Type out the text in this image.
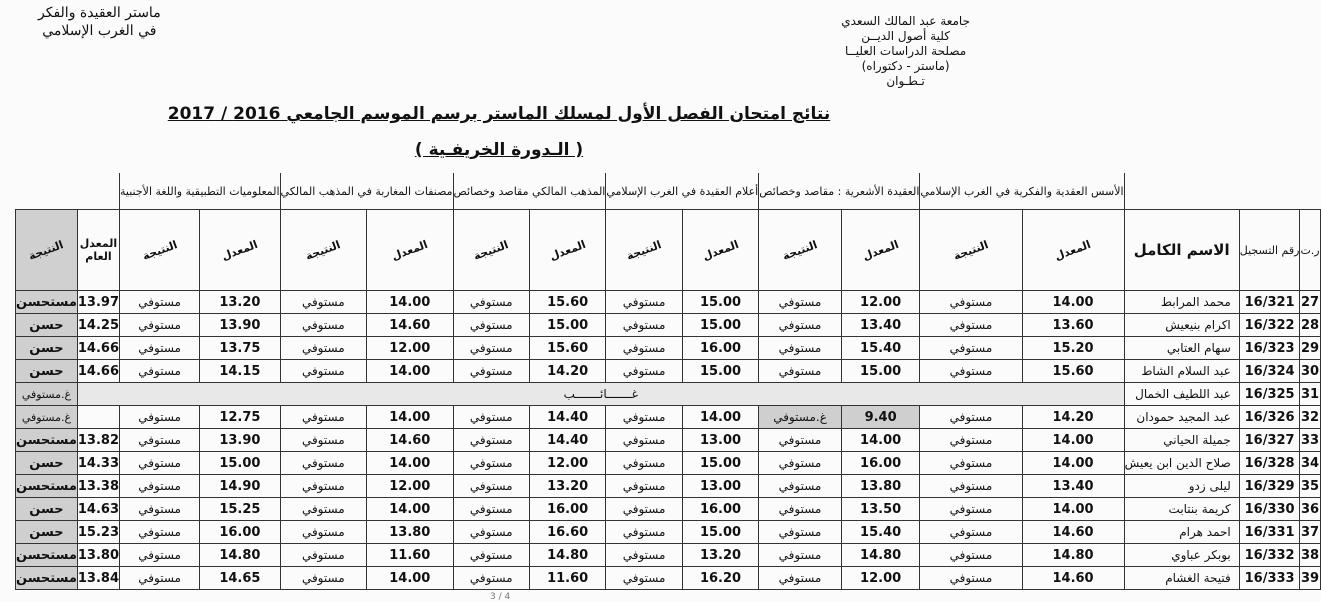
جامعة عبد المالك السعدي
كلية أصول الديــن
مصلحة الدراسات العليــا
(ماستر - دكتوراه)
تـطـوان
ماستر العقيدة والفكر
في الغرب الإسلامي
نتائج امتحان الفصل الأول لمسلك الماستر برسم الموسم الجامعي 2016 / 2017
( الـدورة الخريفـية )
			الأسس العقدية والفكرية في الغرب الإسلامي		العقيدة الأشعرية : مقاصد وخصائص		أعلام العقيدة في الغرب الإسلامي		المذهب المالكي مقاصد وخصائص		مصنفات المغاربة في المذهب المالكي		المعلوميات التطبيقية واللغة الأجنبية			
ر.ت	رقم التسجيل	الاسم الكامل	المعدل	النتيجة	المعدل	النتيجة	المعدل	النتيجة	المعدل	النتيجة	المعدل	النتيجة	المعدل	النتيجة	المعدل العام	النتيجة
27	16/321	محمد المرابط	14.00	مستوفي	12.00	مستوفي	15.00	مستوفي	15.60	مستوفي	14.00	مستوفي	13.20	مستوفي	13.97	مستحسن
28	16/322	اكرام بنيعيش	13.60	مستوفي	13.40	مستوفي	15.00	مستوفي	15.00	مستوفي	14.60	مستوفي	13.90	مستوفي	14.25	حسن
29	16/323	سهام العتابي	15.20	مستوفي	15.40	مستوفي	16.00	مستوفي	15.60	مستوفي	12.00	مستوفي	13.75	مستوفي	14.66	حسن
30	16/324	عبد السلام الشاط	15.60	مستوفي	15.00	مستوفي	15.00	مستوفي	14.20	مستوفي	14.00	مستوفي	14.15	مستوفي	14.66	حسن
31	16/325	عبد اللطيف الخمال	غـــــــائـــــــب													غ.مستوفي
32	16/326	عبد المجيد حمودان	14.20	مستوفي	9.40	غ.مستوفي	14.00	مستوفي	14.40	مستوفي	14.00	مستوفي	12.75	مستوفي		غ.مستوفي
33	16/327	جميلة الحياني	14.00	مستوفي	14.00	مستوفي	13.00	مستوفي	14.40	مستوفي	14.60	مستوفي	13.90	مستوفي	13.82	مستحسن
34	16/328	صلاح الدين ابن يعيش	14.00	مستوفي	16.00	مستوفي	15.00	مستوفي	12.00	مستوفي	14.00	مستوفي	15.00	مستوفي	14.33	حسن
35	16/329	ليلى زدو	13.40	مستوفي	13.80	مستوفي	13.00	مستوفي	13.20	مستوفي	12.00	مستوفي	14.90	مستوفي	13.38	مستحسن
36	16/330	كريمة بنتابت	14.00	مستوفي	13.50	مستوفي	16.00	مستوفي	16.00	مستوفي	14.00	مستوفي	15.25	مستوفي	14.63	حسن
37	16/331	احمد هرام	14.60	مستوفي	15.40	مستوفي	15.00	مستوفي	16.60	مستوفي	13.80	مستوفي	16.00	مستوفي	15.23	حسن
38	16/332	بوبكر عباوي	14.80	مستوفي	14.80	مستوفي	13.20	مستوفي	14.80	مستوفي	11.60	مستوفي	14.80	مستوفي	13.80	مستحسن
39	16/333	فتيحة الغشام	14.60	مستوفي	12.00	مستوفي	16.20	مستوفي	11.60	مستوفي	14.00	مستوفي	14.65	مستوفي	13.84	مستحسن
3 / 4
